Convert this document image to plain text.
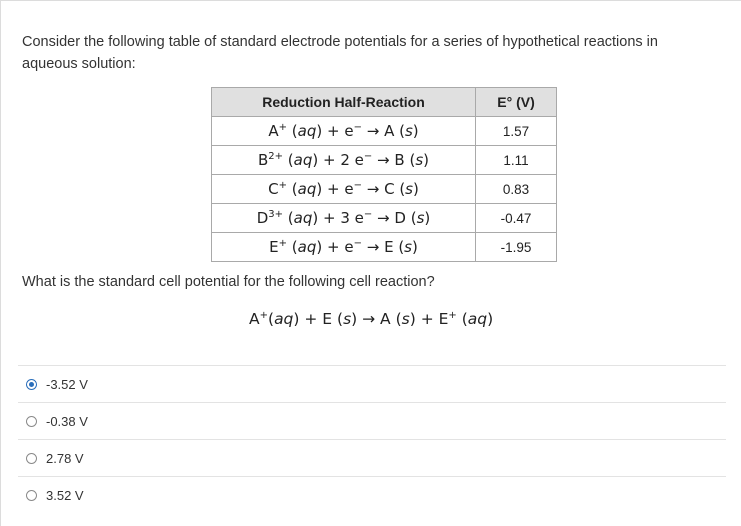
Consider the following table of standard electrode potentials for a series of hypothetical reactions in aqueous solution:
Reduction Half-Reaction	E° (V)
A+ (aq) + e− → A (s)	1.57
$B^{2+}$ (aq) + 2 e− → B (s)	1.11
C+ (aq) + e− → C (s)	0.83
$D^{3+}$ (aq) + 3 e− → D (s)	-0.47
E+ (aq) + e− → E (s)	-1.95
What is the standard cell potential for the following cell reaction?
A+(aq) + E (s) → A (s) + E+ (aq)
-3.52 V
-0.38 V
2.78 V
3.52 V
